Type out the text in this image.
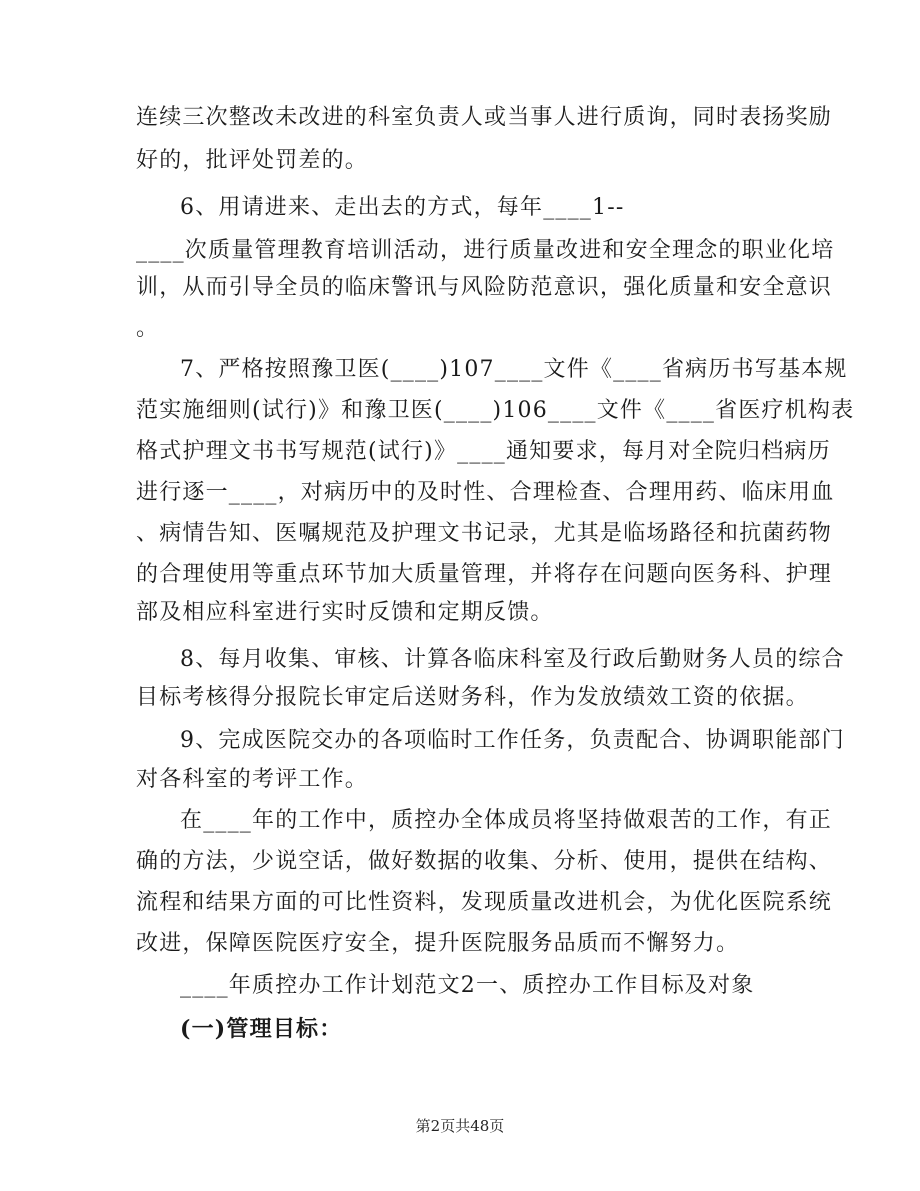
连续三次整改未改进的科室负责人或当事人进行质询，同时表扬奖励
好的，批评处罚差的。
6、用请进来、走出去的方式，每年____1--
____次质量管理教育培训活动，进行质量改进和安全理念的职业化培
训，从而引导全员的临床警讯与风险防范意识，强化质量和安全意识
。
7、严格按照豫卫医(____)107____文件《____省病历书写基本规
范实施细则(试行)》和豫卫医(____)106____文件《____省医疗机构表
格式护理文书书写规范(试行)》____通知要求，每月对全院归档病历
进行逐一____，对病历中的及时性、合理检查、合理用药、临床用血
、病情告知、医嘱规范及护理文书记录，尤其是临场路径和抗菌药物
的合理使用等重点环节加大质量管理，并将存在问题向医务科、护理
部及相应科室进行实时反馈和定期反馈。
8、每月收集、审核、计算各临床科室及行政后勤财务人员的综合
目标考核得分报院长审定后送财务科，作为发放绩效工资的依据。
9、完成医院交办的各项临时工作任务，负责配合、协调职能部门
对各科室的考评工作。
在____年的工作中，质控办全体成员将坚持做艰苦的工作，有正
确的方法，少说空话，做好数据的收集、分析、使用，提供在结构、
流程和结果方面的可比性资料，发现质量改进机会，为优化医院系统
改进，保障医院医疗安全，提升医院服务品质而不懈努力。
____年质控办工作计划范文2一、质控办工作目标及对象
(一)管理目标：
第2页共48页
